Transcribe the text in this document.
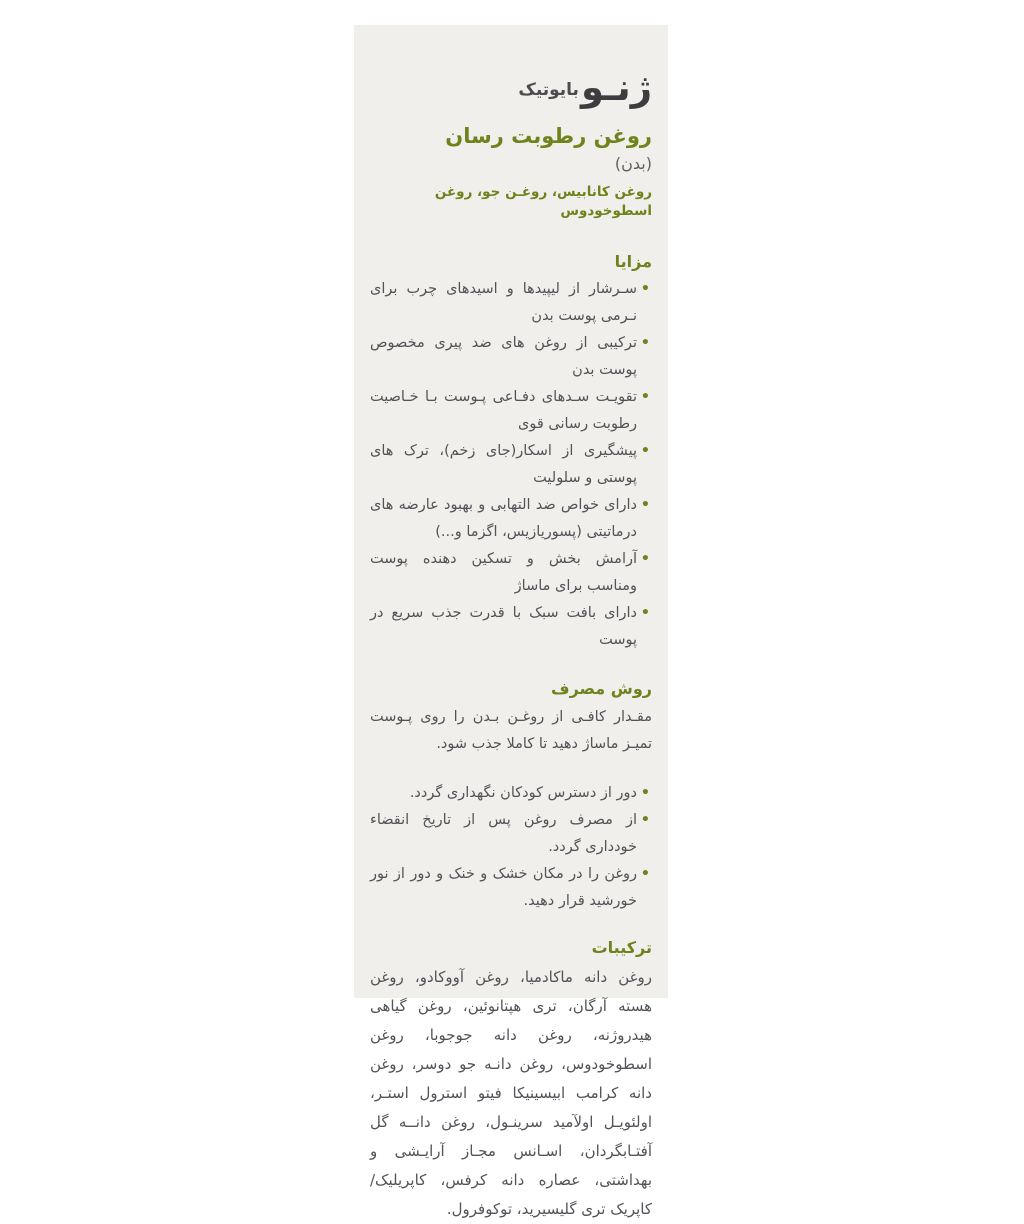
ژنـو
بایوتیک
روغن رطوبت رسان
(بدن)
روغن کانابیس، روغـن جو، روغن اسطوخودوس
مزایا
• سـرشار از لیپیدها و اسیدهای چرب برای نـرمی پوست بدن
• ترکیبی از روغن های ضد پیری مخصوص پوست بدن
• تقویـت سـدهای دفـاعی پـوست بـا خـاصیت رطوبت رسانی قوی
• پیشگیری از اسکار(جای زخم)، ترک های پوستی و سلولیت
• دارای خواص ضد التهابی و بهبود عارضه های درماتیتی (پسوریازیس، اگزما و...)
• آرامش بخش و تسکین دهنده پوست ومناسب برای ماساژ
• دارای بافت سبک با قدرت جذب سریع در پوست
روش مصرف

مقـدار کافـی از روغـن بـدن را روی پـوست تمیـز ماساژ دهید تا کاملا جذب شود.

• دور از دسترس کودکان نگهداری گردد.
• از مصرف روغن پس از تاریخ انقضاء خودداری گردد.
• روغن را در مکان خشک و خنک و دور از نور خورشید قرار دهید.
ترکیبات

روغن دانه ماکادمیا، روغن آووکادو، روغن هسته آرگان، تری هپتانوئین، روغن گیاهی هیدروژنه، روغن دانه جوجوبا، روغن اسطوخودوس، روغن دانـه جو دوسر، روغن دانه کرامب ابیسینیکا فیتو استرول استـر، اولئویـل اولآمید سرینـول، روغن دانــه گل آفتـابگردان، اسـانس مجـاز آرایـشی و بهداشتی، عصاره دانه کرفس، کاپریلیک/کاپریک تری گلیسیرید، توکوفرول.
